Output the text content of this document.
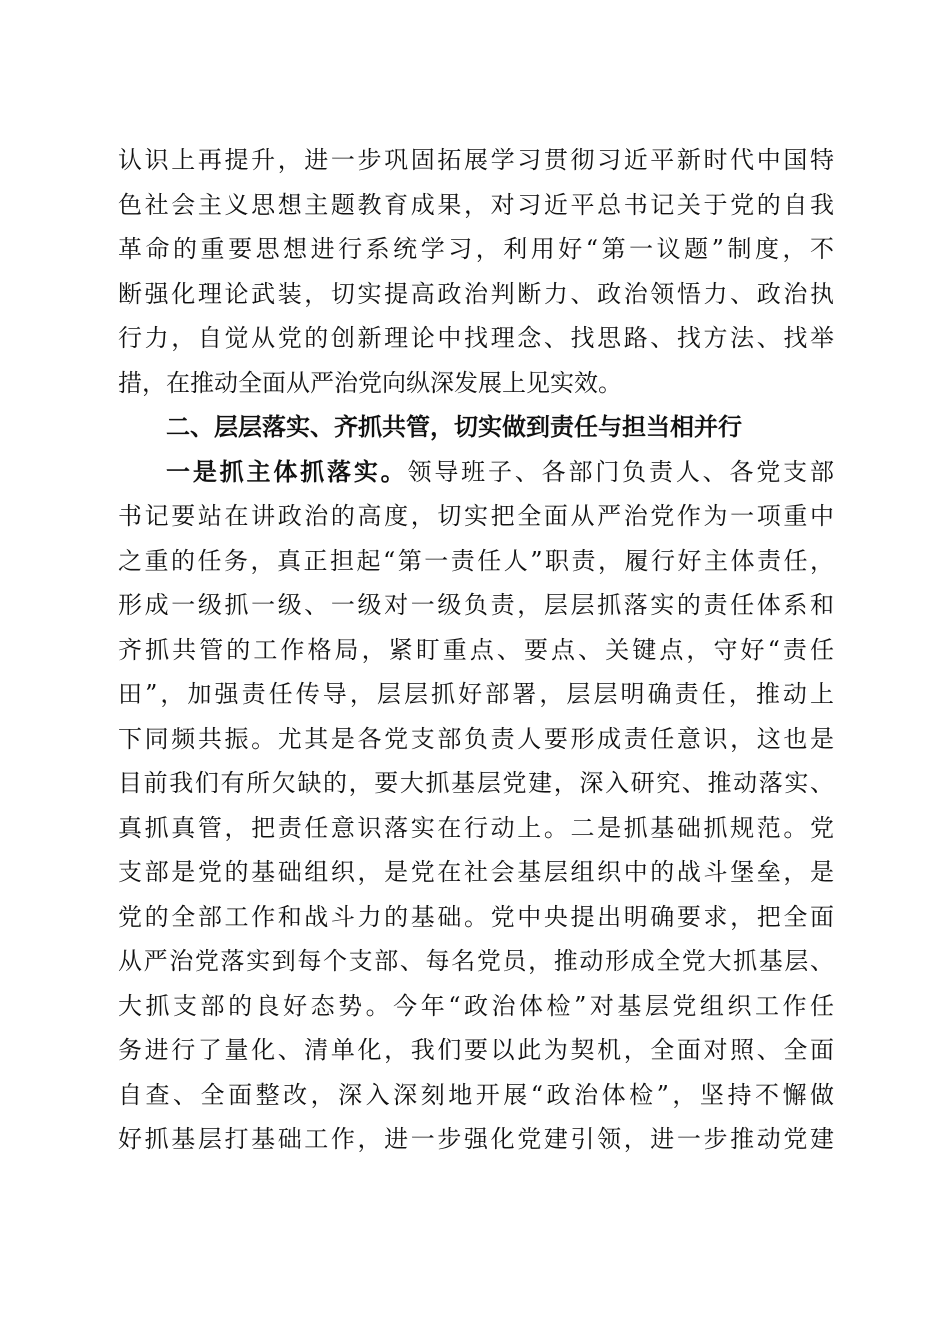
认识上再提升，进一步巩固拓展学习贯彻习近平新时代中国特
色社会主义思想主题教育成果，对习近平总书记关于党的自我
革命的重要思想进行系统学习，利用好“第一议题”制度，不
断强化理论武装，切实提高政治判断力、政治领悟力、政治执
行力，自觉从党的创新理论中找理念、找思路、找方法、找举
措，在推动全面从严治党向纵深发展上见实效。
二、层层落实、齐抓共管，切实做到责任与担当相并行
一是抓主体抓落实。领导班子、各部门负责人、各党支部
书记要站在讲政治的高度，切实把全面从严治党作为一项重中
之重的任务，真正担起“第一责任人”职责，履行好主体责任，
形成一级抓一级、一级对一级负责，层层抓落实的责任体系和
齐抓共管的工作格局，紧盯重点、要点、关键点，守好“责任
田”，加强责任传导，层层抓好部署，层层明确责任，推动上
下同频共振。尤其是各党支部负责人要形成责任意识，这也是
目前我们有所欠缺的，要大抓基层党建，深入研究、推动落实、
真抓真管，把责任意识落实在行动上。二是抓基础抓规范。党
支部是党的基础组织，是党在社会基层组织中的战斗堡垒，是
党的全部工作和战斗力的基础。党中央提出明确要求，把全面
从严治党落实到每个支部、每名党员，推动形成全党大抓基层、
大抓支部的良好态势。今年“政治体检”对基层党组织工作任
务进行了量化、清单化，我们要以此为契机，全面对照、全面
自查、全面整改，深入深刻地开展“政治体检”，坚持不懈做
好抓基层打基础工作，进一步强化党建引领，进一步推动党建
